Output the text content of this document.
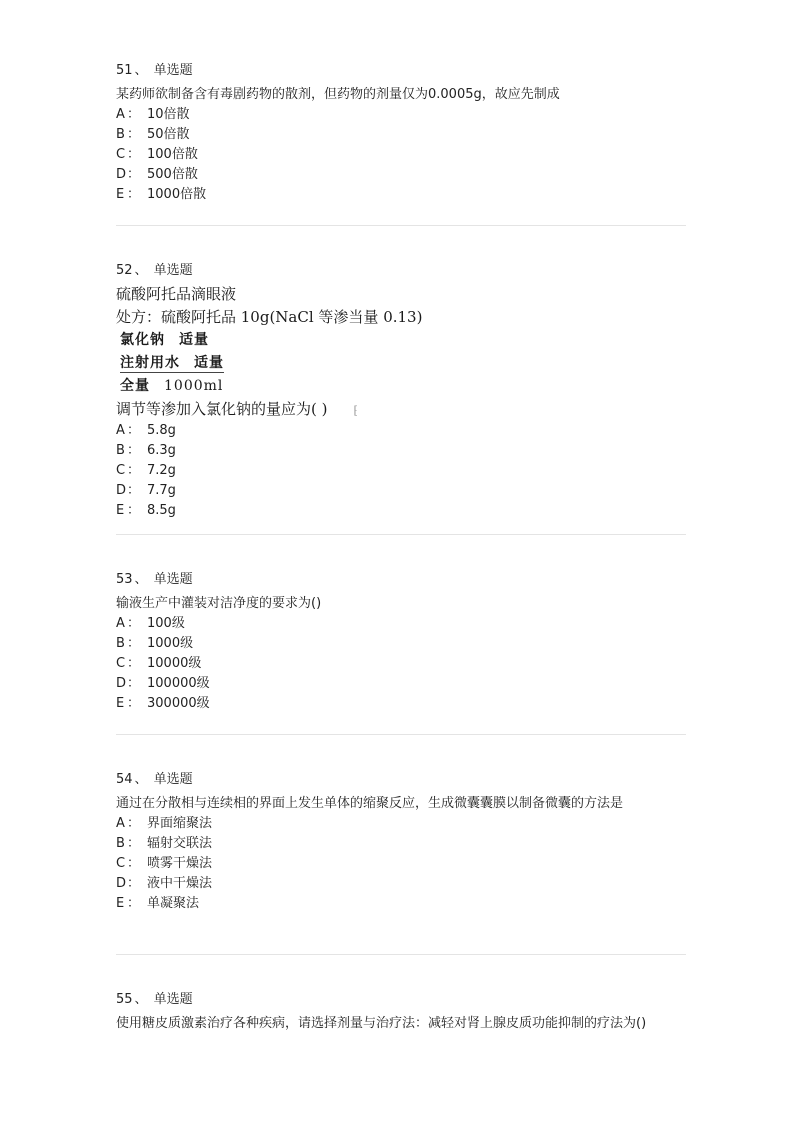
51 、 单选题
某药师欲制备含有毒剧药物的散剂，但药物的剂量仅为0.0005g，故应先制成
A ： 10倍散
B ： 50倍散
C ： 100倍散
D： 500倍散
E ： 1000倍散
52 、 单选题
硫酸阿托品滴眼液
处方：硫酸阿托品 10g(NaCl 等渗当量 0.13)
氯化钠 适量
注射用水 适量
全量 1000ml
调节等渗加入氯化钠的量应为( ) ⁅
A ： 5.8g
B ： 6.3g
C ： 7.2g
D： 7.7g
E ： 8.5g
53 、 单选题
输液生产中灌装对洁净度的要求为()
A ： 100级
B ： 1000级
C ： 10000级
D： 100000级
E ： 300000级
54 、 单选题
通过在分散相与连续相的界面上发生单体的缩聚反应，生成微囊囊膜以制备微囊的方法是
A ： 界面缩聚法
B ： 辐射交联法
C ： 喷雾干燥法
D： 液中干燥法
E ： 单凝聚法
55 、 单选题
使用糖皮质激素治疗各种疾病，请选择剂量与治疗法：减轻对肾上腺皮质功能抑制的疗法为()
